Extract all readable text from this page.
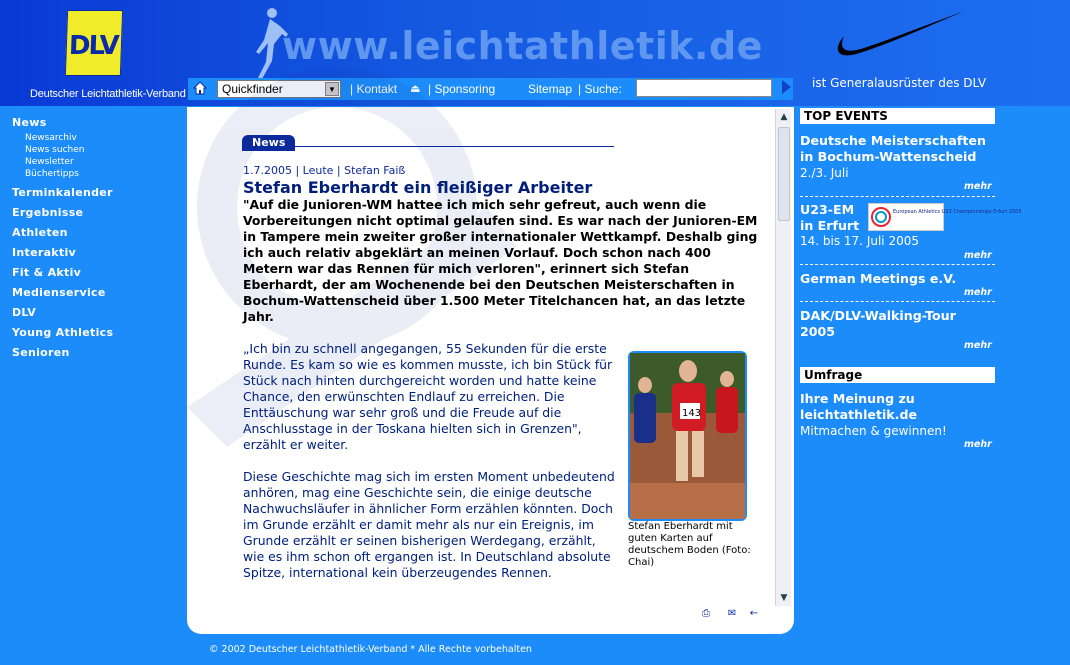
DLV
Deutscher Leichtathletik-Verband
www.leichtathletik.de
ist Generalausrüster des DLV
Quickfinder	▼ | Kontakt ⏏ | Sponsoring	Sitemap | Suche:
News
Newsarchiv
News suchen
Newsletter
Büchertipps
Terminkalender
Ergebnisse
Athleten
Interaktiv
Fit & Aktiv
Medienservice
DLV
Young Athletics
Senioren
News
1.7.2005 | Leute | Stefan Faiß
Stefan Eberhardt ein fleißiger Arbeiter
"Auf die Junioren-WM hattee ich mich sehr gefreut, auch wenn die Vorbereitungen nicht optimal gelaufen sind. Es war nach der Junioren-EM in Tampere mein zweiter großer internationaler Wettkampf. Deshalb ging ich auch relativ abgeklärt an meinen Vorlauf. Doch schon nach 400 Metern war das Rennen für mich verloren", erinnert sich Stefan Eberhardt, der am Wochenende bei den Deutschen Meisterschaften in Bochum-Wattenscheid über 1.500 Meter Titelchancen hat, an das letzte Jahr.
„Ich bin zu schnell angegangen, 55 Sekunden für die erste Runde. Es kam so wie es kommen musste, ich bin Stück für Stück nach hinten durchgereicht worden und hatte keine Chance, den erwünschten Endlauf zu erreichen. Die Enttäuschung war sehr groß und die Freude auf die Anschlusstage in der Toskana hielten sich in Grenzen", erzählt er weiter.
Diese Geschichte mag sich im ersten Moment unbedeutend anhören, mag eine Geschichte sein, die einige deutsche Nachwuchsläufer in ähnlicher Form erzählen könnten. Doch im Grunde erzählt er damit mehr als nur ein Ereignis, im Grunde erzählt er seinen bisherigen Werdegang, erzählt, wie es ihm schon oft ergangen ist. In Deutschland absolute Spitze, international kein überzeugendes Rennen.
143
Stefan Eberhardt mit guten Karten auf deutschem Boden (Foto: Chai)
▲
▼
⎙	✉ ←
© 2002 Deutscher Leichtathletik-Verband * Alle Rechte vorbehalten
TOP EVENTS
Deutsche Meisterschaften in Bochum-Wattenscheid
2./3. Juli
mehr
U23-EM in Erfurt
European Athletics U23 Championships Erfurt 2005
14. bis 17. Juli 2005
mehr
German Meetings e.V.
mehr
DAK/DLV-Walking-Tour 2005
mehr
Umfrage
Ihre Meinung zu leichtathletik.de
Mitmachen & gewinnen!
mehr
